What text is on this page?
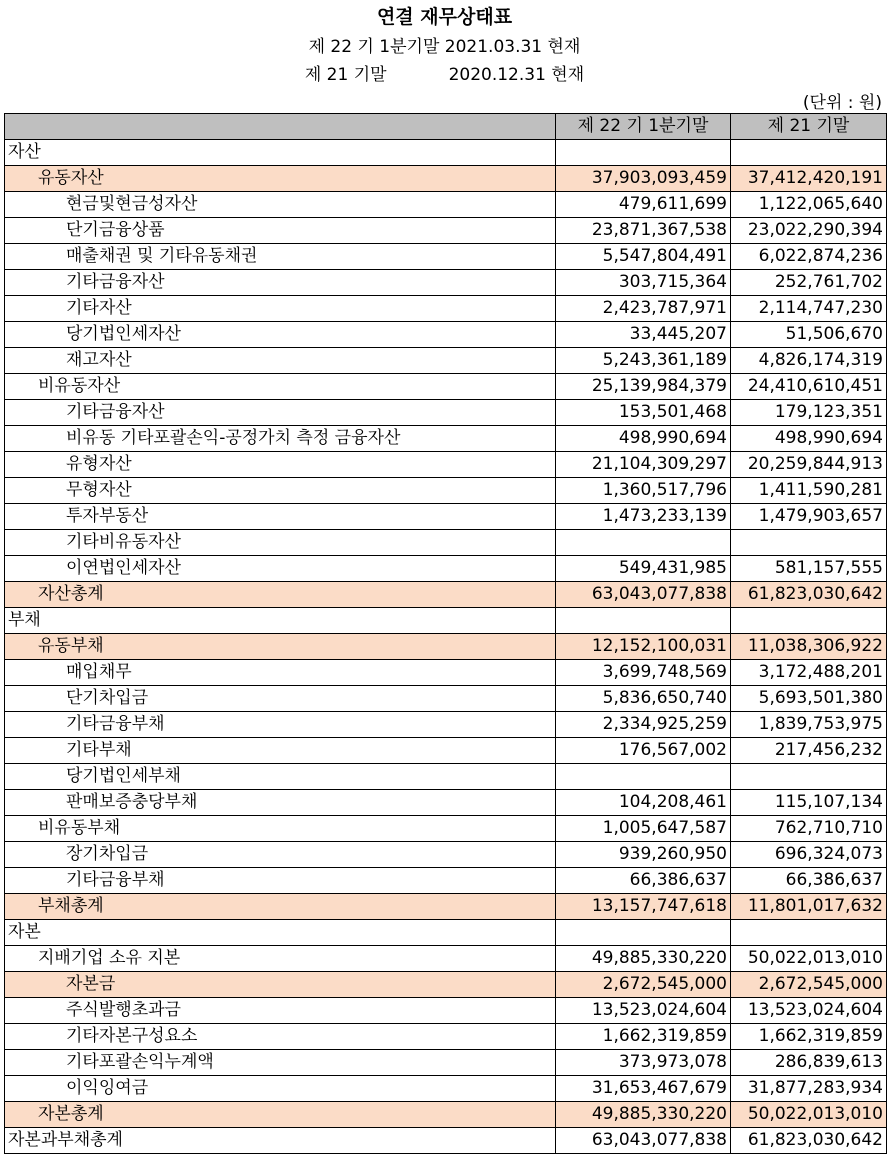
연결 재무상태표
제 22 기 1분기말 2021.03.31 현재
제 21 기말	2020.12.31 현재
(단위 : 원)
	제 22 기 1분기말	제 21 기말
자산		
유동자산	37,903,093,459	37,412,420,191
현금및현금성자산	479,611,699	1,122,065,640
단기금융상품	23,871,367,538	23,022,290,394
매출채권 및 기타유동채권	5,547,804,491	6,022,874,236
기타금융자산	303,715,364	252,761,702
기타자산	2,423,787,971	2,114,747,230
당기법인세자산	33,445,207	51,506,670
재고자산	5,243,361,189	4,826,174,319
비유동자산	25,139,984,379	24,410,610,451
기타금융자산	153,501,468	179,123,351
비유동 기타포괄손익-공정가치 측정 금융자산	498,990,694	498,990,694
유형자산	21,104,309,297	20,259,844,913
무형자산	1,360,517,796	1,411,590,281
투자부동산	1,473,233,139	1,479,903,657
기타비유동자산		
이연법인세자산	549,431,985	581,157,555
자산총계	63,043,077,838	61,823,030,642
부채		
유동부채	12,152,100,031	11,038,306,922
매입채무	3,699,748,569	3,172,488,201
단기차입금	5,836,650,740	5,693,501,380
기타금융부채	2,334,925,259	1,839,753,975
기타부채	176,567,002	217,456,232
당기법인세부채		
판매보증충당부채	104,208,461	115,107,134
비유동부채	1,005,647,587	762,710,710
장기차입금	939,260,950	696,324,073
기타금융부채	66,386,637	66,386,637
부채총계	13,157,747,618	11,801,017,632
자본		
지배기업 소유 지본	49,885,330,220	50,022,013,010
자본금	2,672,545,000	2,672,545,000
주식발행초과금	13,523,024,604	13,523,024,604
기타자본구성요소	1,662,319,859	1,662,319,859
기타포괄손익누계액	373,973,078	286,839,613
이익잉여금	31,653,467,679	31,877,283,934
자본총계	49,885,330,220	50,022,013,010
자본과부채총계	63,043,077,838	61,823,030,642
